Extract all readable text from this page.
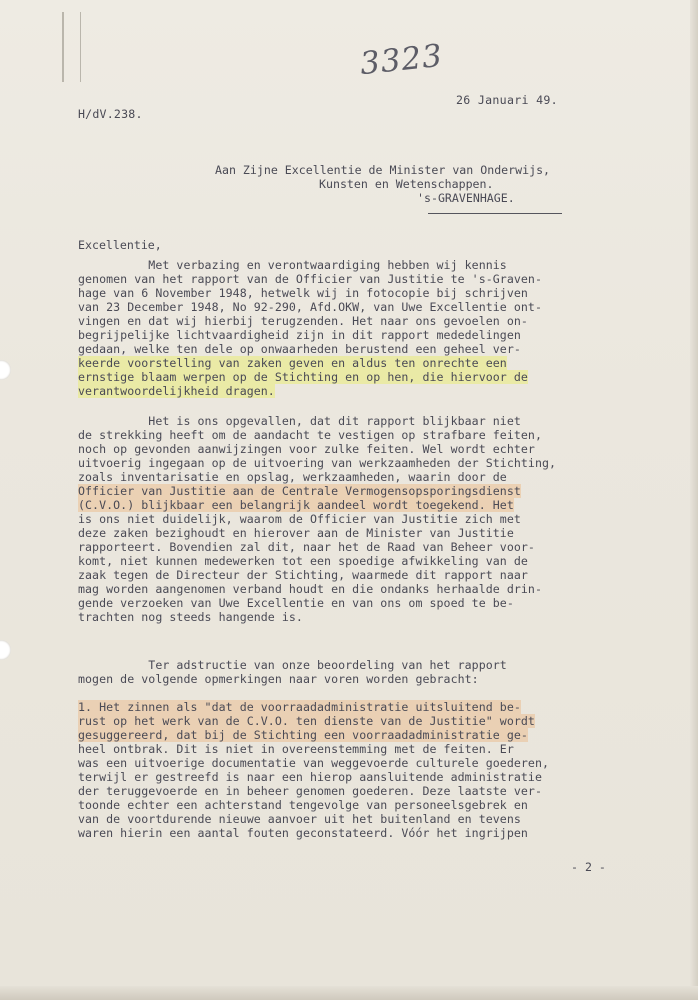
3323
H/dV.238.
26 Januari 49.
Aan Zijne Excellentie de Minister van Onderwijs,
Kunsten en Wetenschappen.
's-GRAVENHAGE.
Excellentie,
Met verbazing en verontwaardiging hebben wij kennis
genomen van het rapport van de Officier van Justitie te 's-Graven-
hage van 6 November 1948, hetwelk wij in fotocopie bij schrijven
van 23 December 1948, No 92-290, Afd.OKW, van Uwe Excellentie ont-
vingen en dat wij hierbij terugzenden. Het naar ons gevoelen on-
begrijpelijke lichtvaardigheid zijn in dit rapport mededelingen
gedaan, welke ten dele op onwaarheden berustend een geheel ver-
keerde voorstelling van zaken geven en aldus ten onrechte een
ernstige blaam werpen op de Stichting en op hen, die hiervoor de
verantwoordelijkheid dragen.
Het is ons opgevallen, dat dit rapport blijkbaar niet
de strekking heeft om de aandacht te vestigen op strafbare feiten,
noch op gevonden aanwijzingen voor zulke feiten. Wel wordt echter
uitvoerig ingegaan op de uitvoering van werkzaamheden der Stichting,
zoals inventarisatie en opslag, werkzaamheden, waarin door de
Officier van Justitie aan de Centrale Vermogensopsporingsdienst
(C.V.O.) blijkbaar een belangrijk aandeel wordt toegekend. Het
is ons niet duidelijk, waarom de Officier van Justitie zich met
deze zaken bezighoudt en hierover aan de Minister van Justitie
rapporteert. Bovendien zal dit, naar het de Raad van Beheer voor-
komt, niet kunnen medewerken tot een spoedige afwikkeling van de
zaak tegen de Directeur der Stichting, waarmede dit rapport naar
mag worden aangenomen verband houdt en die ondanks herhaalde drin-
gende verzoeken van Uwe Excellentie en van ons om spoed te be-
trachten nog steeds hangende is.
Ter adstructie van onze beoordeling van het rapport
mogen de volgende opmerkingen naar voren worden gebracht:
1. Het zinnen als "dat de voorraadadministratie uitsluitend be-
rust op het werk van de C.V.O. ten dienste van de Justitie" wordt
gesuggereerd, dat bij de Stichting een voorraadadministratie ge-
heel ontbrak. Dit is niet in overeenstemming met de feiten. Er
was een uitvoerige documentatie van weggevoerde culturele goederen,
terwijl er gestreefd is naar een hierop aansluitende administratie
der teruggevoerde en in beheer genomen goederen. Deze laatste ver-
toonde echter een achterstand tengevolge van personeelsgebrek en
van de voortdurende nieuwe aanvoer uit het buitenland en tevens
waren hierin een aantal fouten geconstateerd. Vóór het ingrijpen
- 2 -
